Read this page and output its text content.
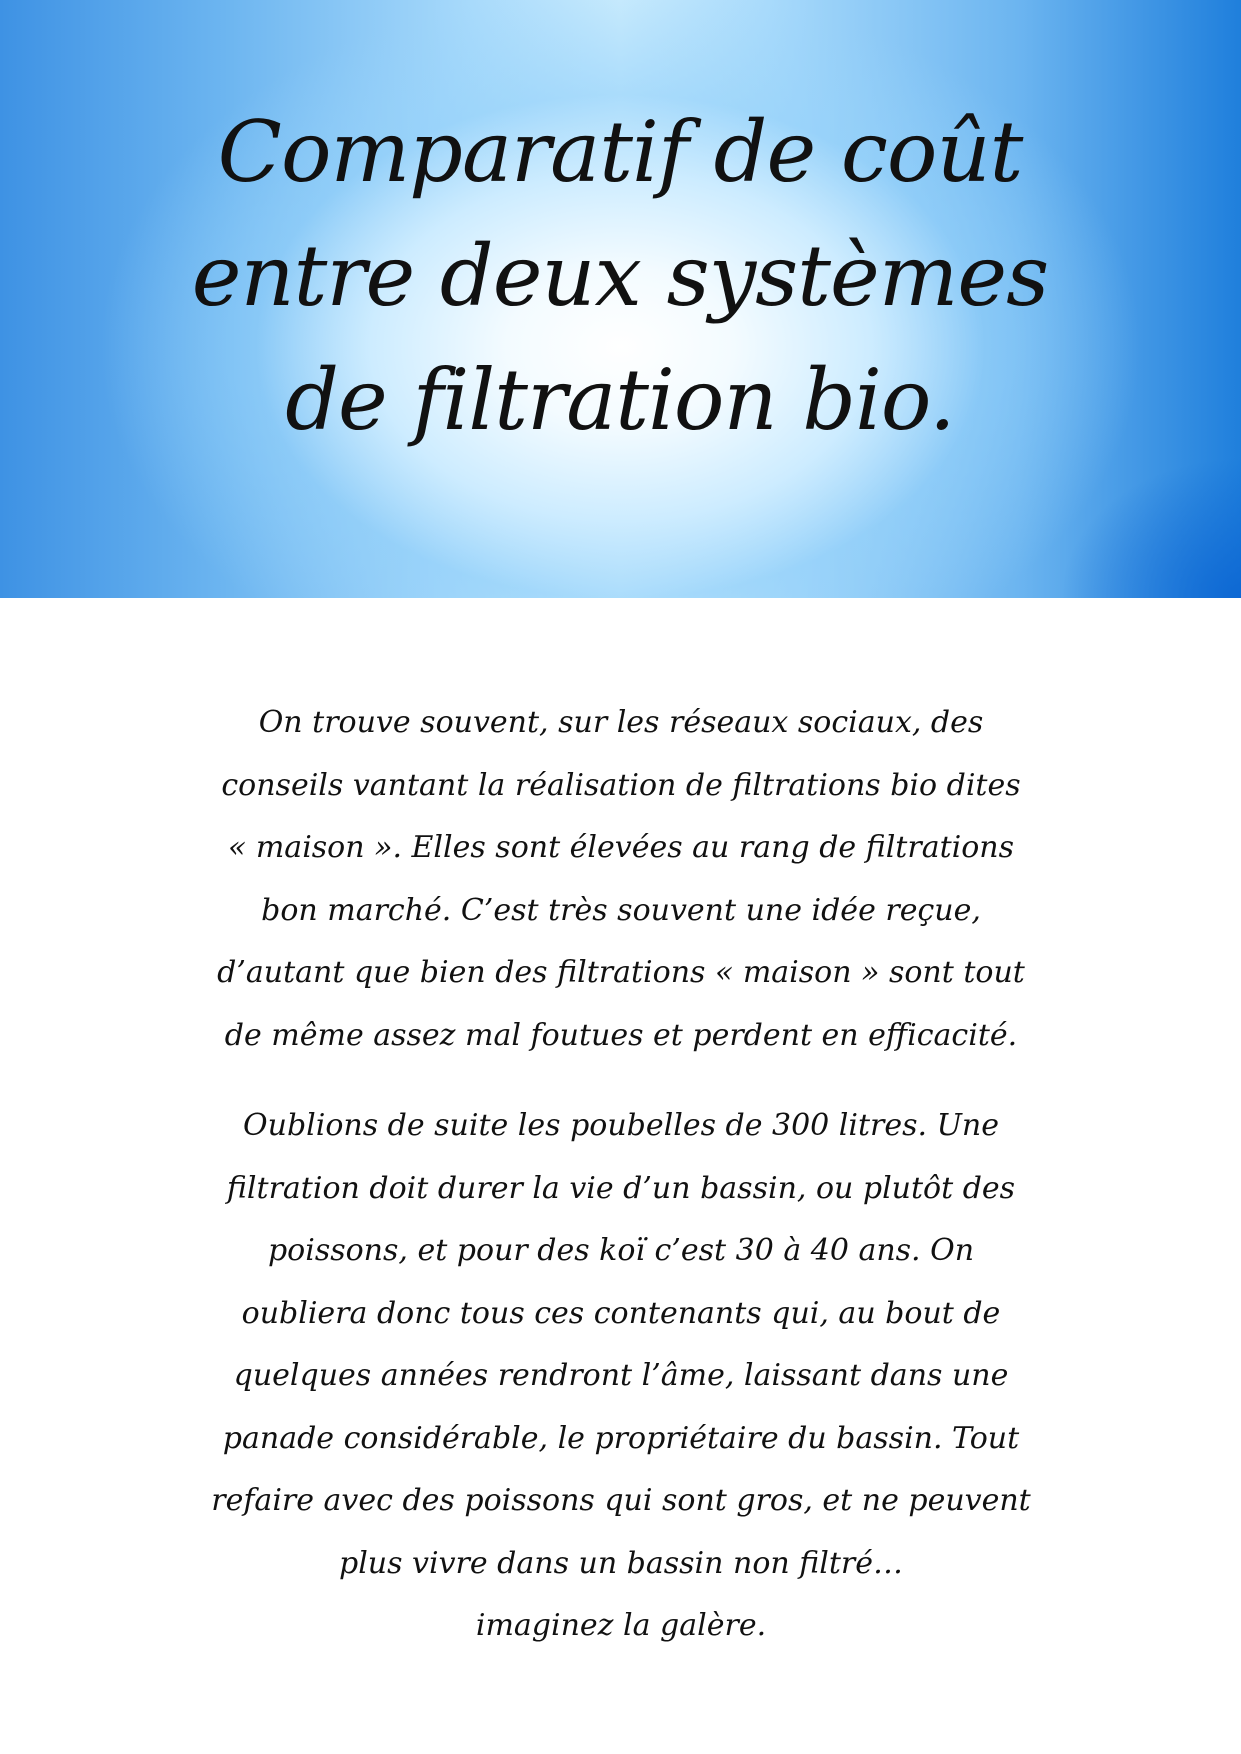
Comparatif de coût
entre deux systèmes
de filtration bio.

On trouve souvent, sur les réseaux sociaux, des
conseils vantant la réalisation de filtrations bio dites
« maison ». Elles sont élevées au rang de filtrations
bon marché. C’est très souvent une idée reçue,
d’autant que bien des filtrations « maison » sont tout
de même assez mal foutues et perdent en efficacité.

Oublions de suite les poubelles de 300 litres. Une
filtration doit durer la vie d’un bassin, ou plutôt des
poissons, et pour des koï c’est 30 à 40 ans. On
oubliera donc tous ces contenants qui, au bout de
quelques années rendront l’âme, laissant dans une
panade considérable, le propriétaire du bassin. Tout
refaire avec des poissons qui sont gros, et ne peuvent
plus vivre dans un bassin non filtré…
imaginez la galère.
